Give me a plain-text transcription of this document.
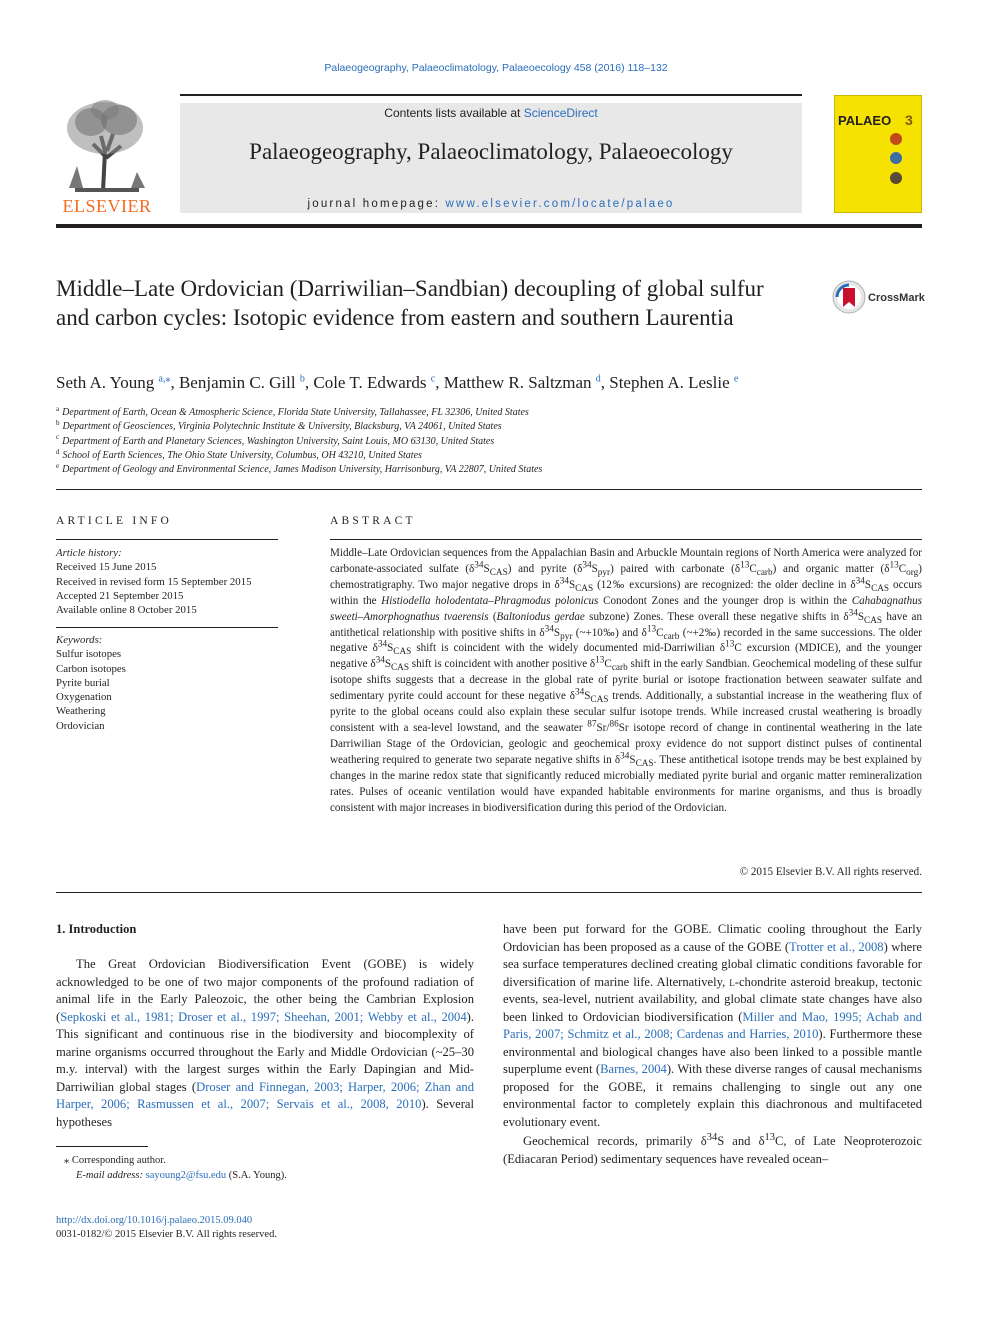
Palaeogeography, Palaeoclimatology, Palaeoecology 458 (2016) 118–132
ELSEVIER
Contents lists available at ScienceDirect
Palaeogeography, Palaeoclimatology, Palaeoecology
journal homepage: www.elsevier.com/locate/palaeo
PALAEO 3
Middle–Late Ordovician (Darriwilian–Sandbian) decoupling of global sulfur and carbon cycles: Isotopic evidence from eastern and southern Laurentia
CrossMark
Seth A. Young $^{a,⁎}$, Benjamin C. Gill $^b$, Cole T. Edwards $^c$, Matthew R. Saltzman $^d$, Stephen A. Leslie $^e$
$^a$ Department of Earth, Ocean & Atmospheric Science, Florida State University, Tallahassee, FL 32306, United States
$^b$ Department of Geosciences, Virginia Polytechnic Institute & University, Blacksburg, VA 24061, United States
$^c$ Department of Earth and Planetary Sciences, Washington University, Saint Louis, MO 63130, United States
$^d$ School of Earth Sciences, The Ohio State University, Columbus, OH 43210, United States
$^e$ Department of Geology and Environmental Science, James Madison University, Harrisonburg, VA 22807, United States
ARTICLE INFO
Article history:
Received 15 June 2015
Received in revised form 15 September 2015
Accepted 21 September 2015
Available online 8 October 2015
Keywords:
Sulfur isotopes
Carbon isotopes
Pyrite burial
Oxygenation
Weathering
Ordovician
ABSTRACT
Middle–Late Ordovician sequences from the Appalachian Basin and Arbuckle Mountain regions of North America were analyzed for carbonate-associated sulfate $(\delta^{34}S_{CAS})$ and pyrite $(\delta^{34}S_{pyr})$ paired with carbonate $(\delta^{13}C_{carb})$ and organic matter $(\delta^{13}C_{org})$ chemostratigraphy. Two major negative drops in $\delta^{34}S_{CAS}$ (12‰ excursions) are recognized: the older decline in $\delta^{34}S_{CAS}$ occurs within the Histiodella holodentata–Phragmodus polonicus Conodont Zones and the younger drop is within the Cahabagnathus sweeti–Amorphognathus tvaerensis (Baltoniodus gerdae subzone) Zones. These overall these negative shifts in $\delta^{34}S_{CAS}$ have an antithetical relationship with positive shifts in $\delta^{34}S_{pyr}$ (~+10‰) and $\delta^{13}C_{carb}$ (~+2‰) recorded in the same successions. The older negative $\delta^{34}S_{CAS}$ shift is coincident with the widely documented mid-Darriwilian $\delta^{13}C$ excursion (MDICE), and the younger negative $\delta^{34}S_{CAS}$ shift is coincident with another positive $\delta^{13}C_{carb}$ shift in the early Sandbian. Geochemical modeling of these sulfur isotope shifts suggests that a decrease in the global rate of pyrite burial or isotope fractionation between seawater sulfate and sedimentary pyrite could account for these negative $\delta^{34}S_{CAS}$ trends. Additionally, a substantial increase in the weathering flux of pyrite to the global oceans could also explain these secular sulfur isotope trends. While increased crustal weathering is broadly consistent with a sea-level lowstand, and the seawater $^{87}$Sr/$^{86}$Sr isotope record of change in continental weathering in the late Darriwilian Stage of the Ordovician, geologic and geochemical proxy evidence do not support distinct pulses of continental weathering required to generate two separate negative shifts in $\delta^{34}S_{CAS}$. These antithetical isotope trends may be best explained by changes in the marine redox state that significantly reduced microbially mediated pyrite burial and organic matter remineralization rates. Pulses of oceanic ventilation would have expanded habitable environments for marine organisms, and thus is broadly consistent with major increases in biodiversification during this period of the Ordovician.
© 2015 Elsevier B.V. All rights reserved.
1. Introduction
The Great Ordovician Biodiversification Event (GOBE) is widely acknowledged to be one of two major components of the profound radiation of animal life in the Early Paleozoic, the other being the Cambrian Explosion (Sepkoski et al., 1981; Droser et al., 1997; Sheehan, 2001; Webby et al., 2004). This significant and continuous rise in the biodiversity and biocomplexity of marine organisms occurred throughout the Early and Middle Ordovician (~25–30 m.y. interval) with the largest surges within the Early Dapingian and Mid-Darriwilian global stages (Droser and Finnegan, 2003; Harper, 2006; Zhan and Harper, 2006; Rasmussen et al., 2007; Servais et al., 2008, 2010). Several hypotheses
have been put forward for the GOBE. Climatic cooling throughout the Early Ordovician has been proposed as a cause of the GOBE (Trotter et al., 2008) where sea surface temperatures declined creating global climatic conditions favorable for diversification of marine life. Alternatively, l-chondrite asteroid breakup, tectonic events, sea-level, nutrient availability, and global climate state changes have also been linked to Ordovician biodiversification (Miller and Mao, 1995; Achab and Paris, 2007; Schmitz et al., 2008; Cardenas and Harries, 2010). Furthermore these environmental and biological changes have also been linked to a possible mantle superplume event (Barnes, 2004). With these diverse ranges of causal mechanisms proposed for the GOBE, it remains challenging to single out any one environmental factor to completely explain this diachronous and multifaceted evolutionary event.
Geochemical records, primarily $\delta^{34}S$ and $\delta^{13}C$, of Late Neoproterozoic (Ediacaran Period) sedimentary sequences have revealed ocean–
⁎ Corresponding author.
E-mail address: sayoung2@fsu.edu (S.A. Young).
http://dx.doi.org/10.1016/j.palaeo.2015.09.040
0031-0182/© 2015 Elsevier B.V. All rights reserved.
